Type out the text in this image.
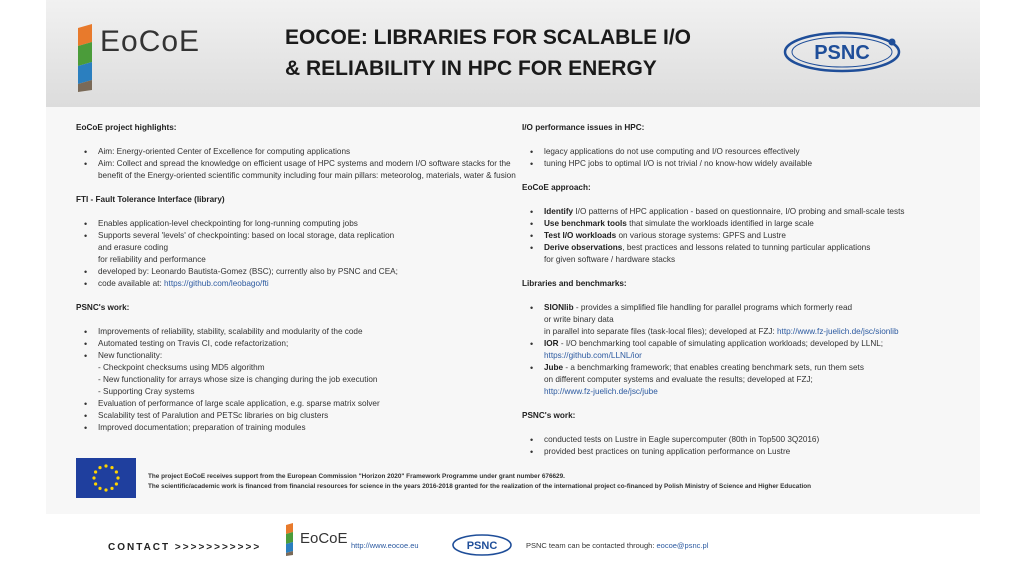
EoCoE	EOCOE: LIBRARIES FOR SCALABLE I/O
& RELIABILITY IN HPC FOR ENERGY
PSNC
EoCoE project highlights:
• Aim: Energy-oriented Center of Excellence for computing applications
• Aim: Collect and spread the knowledge on efficient usage of HPC systems and modern I/O software stacks for the benefit of the Energy-oriented scientific community including four main pillars: meteorolog, materials, water & fusion
FTI - Fault Tolerance Interface (library)
• Enables application-level checkpointing for long-running computing jobs
• Supports several 'levels' of checkpointing: based on local storage, data replication
and erasure coding
for reliability and performance
• developed by: Leonardo Bautista-Gomez (BSC); currently also by PSNC and CEA;
• code available at: https://github.com/leobago/fti
PSNC's work:
• Improvements of reliability, stability, scalability and modularity of the code
• Automated testing on Travis CI, code refactorization;
• New functionality:
- Checkpoint checksums using MD5 algorithm
- New functionality for arrays whose size is changing during the job execution
- Supporting Cray systems
• Evaluation of performance of large scale application, e.g. sparse matrix solver
• Scalability test of Paralution and PETSc libraries on big clusters
• Improved documentation; preparation of training modules
I/O performance issues in HPC:
• legacy applications do not use computing and I/O resources effectively
• tuning HPC jobs to optimal I/O is not trivial / no know-how widely available
EoCoE approach:
• Identify I/O patterns of HPC application - based on questionnaire, I/O probing and small-scale tests
• Use benchmark tools that simulate the workloads identified in large scale
• Test I/O workloads on various storage systems: GPFS and Lustre
• Derive observations, best practices and lessons related to tunning particular applications
for given software / hardware stacks
Libraries and benchmarks:
• SIONlib - provides a simplified file handling for parallel programs which formerly read
or write binary data
in parallel into separate files (task-local files); developed at FZJ: http://www.fz-juelich.de/jsc/sionlib
• IOR - I/O benchmarking tool capable of simulating application workloads; developed by LLNL;
https://github.com/LLNL/ior
• Jube - a benchmarking framework; that enables creating benchmark sets, run them sets
on different computer systems and evaluate the results; developed at FZJ;
http://www.fz-juelich.de/jsc/jube
PSNC's work:
• conducted tests on Lustre in Eagle supercomputer (80th in Top500 3Q2016)
• provided best practices on tuning application performance on Lustre
The project EoCoE receives support from the European Commission "Horizon 2020" Framework Programme under grant number 676629.
The scientific/academic work is financed from financial resources for science in the years 2016-2018 granted for the realization of the international project co-financed by Polish Ministry of Science and Higher Education
CONTACT >>>>>>>>>>>
EoCoE http://www.eocoe.eu	PSNC	PSNC team can be contacted through: eocoe@psnc.pl
